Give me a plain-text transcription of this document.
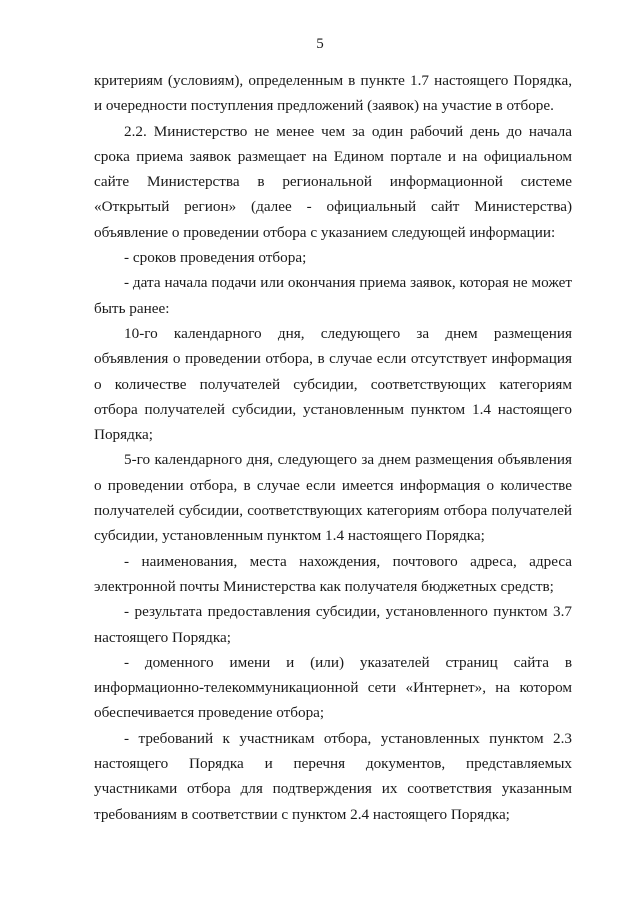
5

критериям (условиям), определенным в пункте 1.7 настоящего Порядка, и очередности поступления предложений (заявок) на участие в отборе.

2.2. Министерство не менее чем за один рабочий день до начала срока приема заявок размещает на Едином портале и на официальном сайте Министерства в региональной информационной системе «Открытый регион» (далее - официальный сайт Министерства) объявление о проведении отбора с указанием следующей информации:

- сроков проведения отбора;

- дата начала подачи или окончания приема заявок, которая не может быть ранее:

10-го календарного дня, следующего за днем размещения объявления о проведении отбора, в случае если отсутствует информация о количестве получателей субсидии, соответствующих категориям отбора получателей субсидии, установленным пунктом 1.4 настоящего Порядка;

5-го календарного дня, следующего за днем размещения объявления о проведении отбора, в случае если имеется информация о количестве получателей субсидии, соответствующих категориям отбора получателей субсидии, установленным пунктом 1.4 настоящего Порядка;

- наименования, места нахождения, почтового адреса, адреса электронной почты Министерства как получателя бюджетных средств;

- результата предоставления субсидии, установленного пунктом 3.7 настоящего Порядка;

- доменного имени и (или) указателей страниц сайта в информационно-телекоммуникационной сети «Интернет», на котором обеспечивается проведение отбора;

- требований к участникам отбора, установленных пунктом 2.3 настоящего Порядка и перечня документов, представляемых участниками отбора для подтверждения их соответствия указанным требованиям в соответствии с пунктом 2.4 настоящего Порядка;
